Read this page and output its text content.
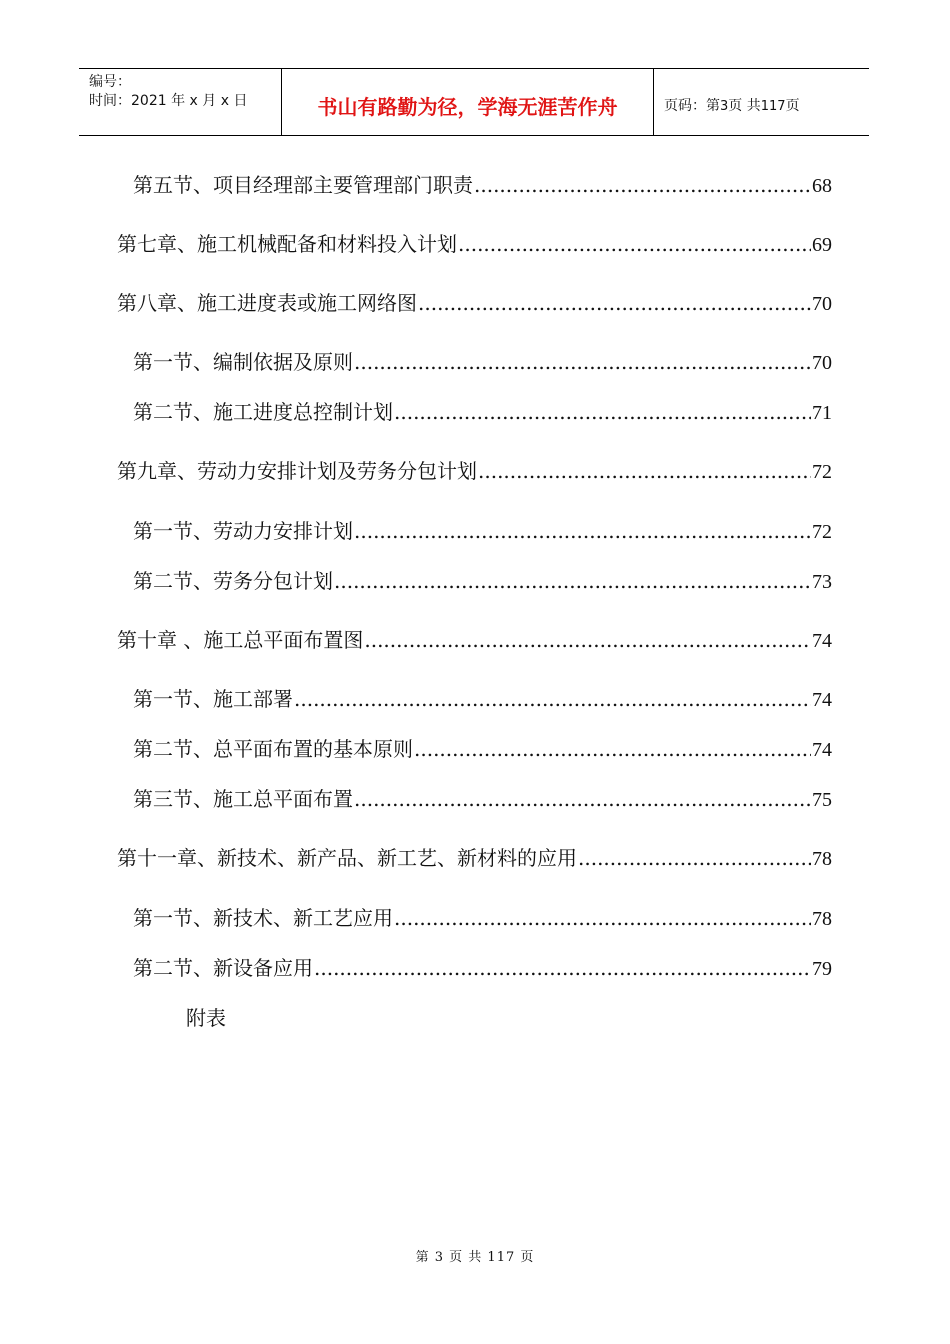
编号：
时间：2021 年 x 月 x 日	书山有路勤为径，学海无涯苦作舟	页码：第3页 共117页
第五节、项目经理部主要管理部门职责 .....	68
第七章、施工机械配备和材料投入计划 .....	69
第八章、施工进度表或施工网络图 .....	70
第一节、编制依据及原则 .....	70
第二节、施工进度总控制计划 .....	71
第九章、劳动力安排计划及劳务分包计划 .....	72
第一节、劳动力安排计划 .....	72
第二节、劳务分包计划 .....	73
第十章 、施工总平面布置图 .....	74
第一节、施工部署 .....	74
第二节、总平面布置的基本原则 .....	74
第三节、施工总平面布置 .....	75
第十一章、新技术、新产品、新工艺、新材料的应用 .....	78
第一节、新技术、新工艺应用 .....	78
第二节、新设备应用 .....	79
附表
第 3 页 共 117 页
